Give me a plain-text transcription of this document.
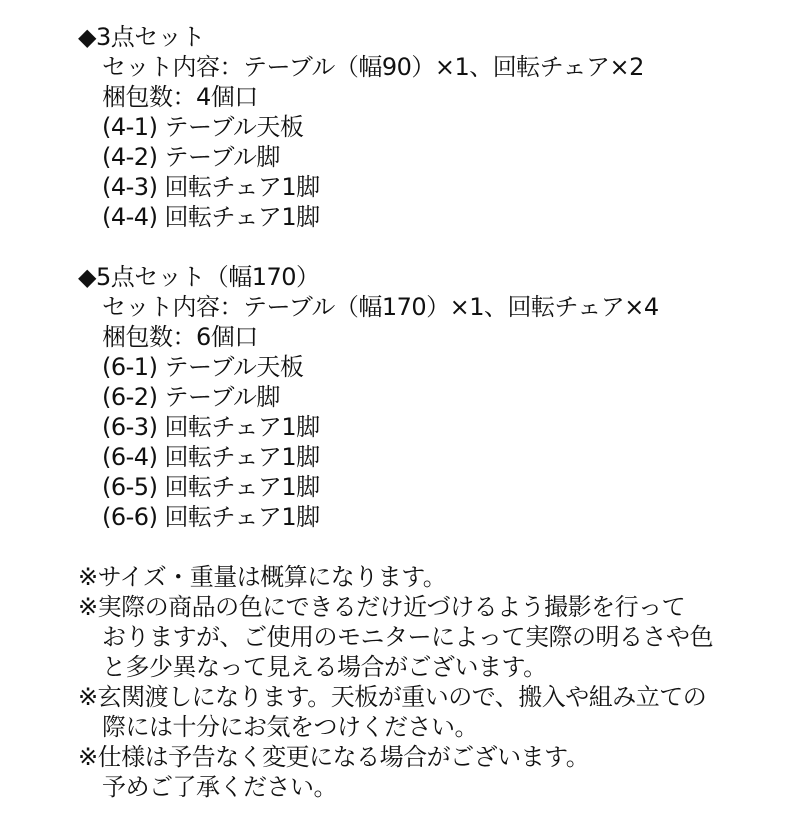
◆3点セット
セット内容：テーブル（幅90）×1、回転チェア×2
梱包数：4個口
(4-1) テーブル天板
(4-2) テーブル脚
(4-3) 回転チェア1脚
(4-4) 回転チェア1脚
◆5点セット（幅170）
セット内容：テーブル（幅170）×1、回転チェア×4
梱包数：6個口
(6-1) テーブル天板
(6-2) テーブル脚
(6-3) 回転チェア1脚
(6-4) 回転チェア1脚
(6-5) 回転チェア1脚
(6-6) 回転チェア1脚
※サイズ・重量は概算になります。
※実際の商品の色にできるだけ近づけるよう撮影を行って
おりますが、ご使用のモニターによって実際の明るさや色
と多少異なって見える場合がございます。
※玄関渡しになります。天板が重いので、搬入や組み立ての
際には十分にお気をつけください。
※仕様は予告なく変更になる場合がございます。
予めご了承ください。
